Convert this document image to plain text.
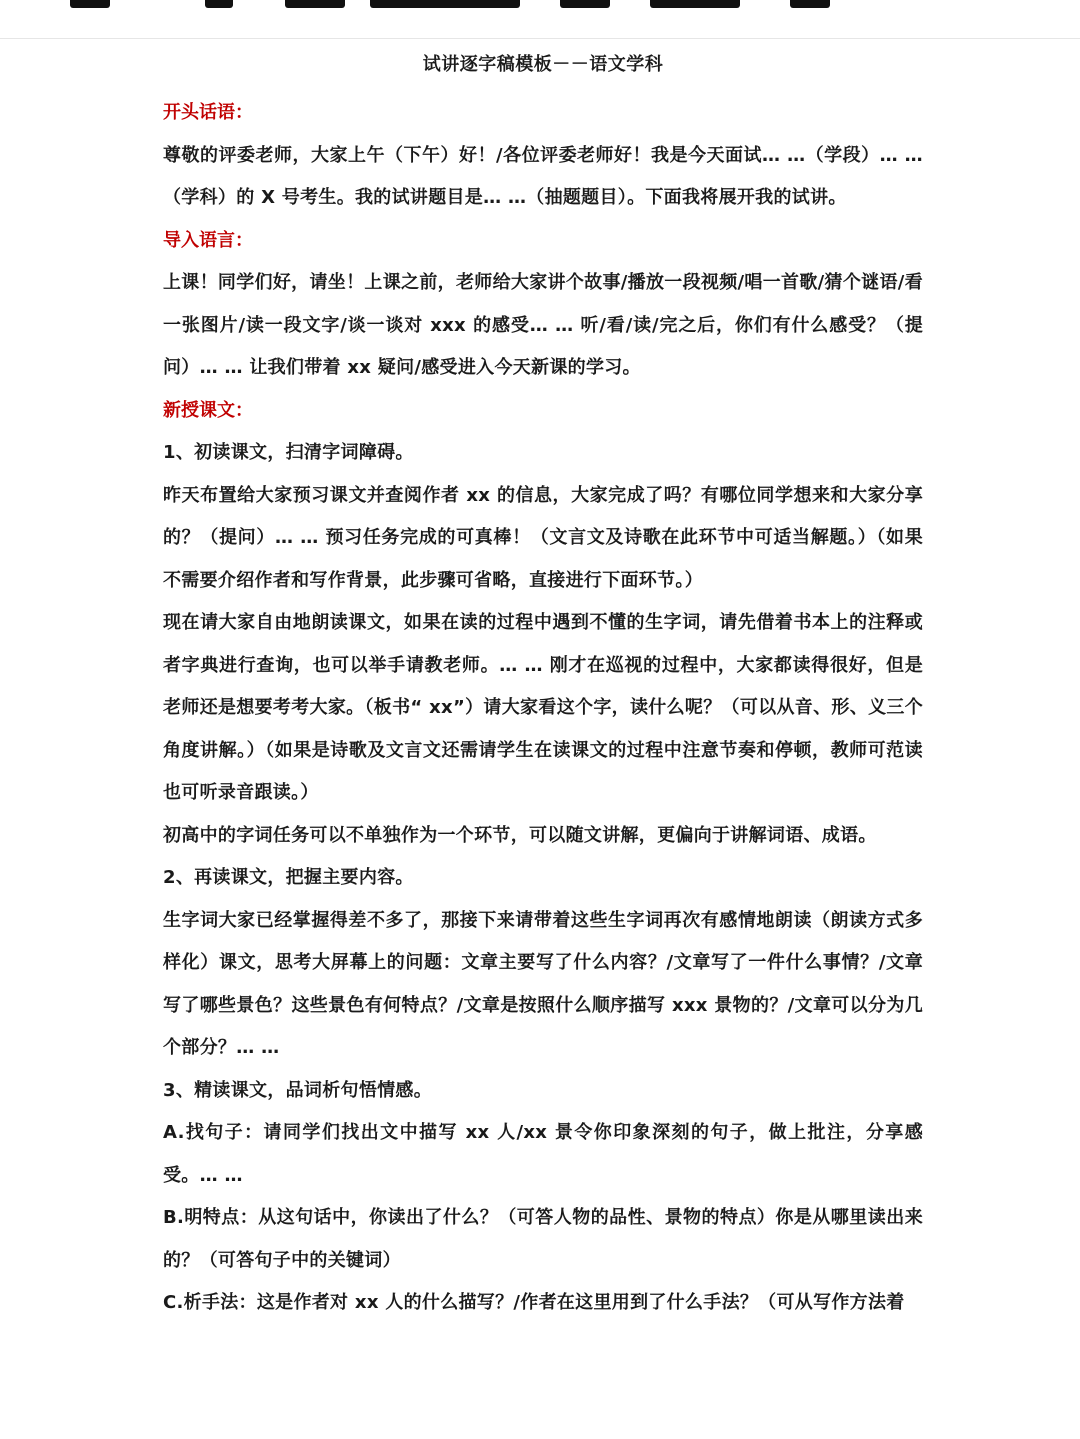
试讲逐字稿模板－－语文学科

开头话语：

尊敬的评委老师，大家上午（下午）好！/各位评委老师好！我是今天面试… …（学段）… …（学科）的 X 号考生。我的试讲题目是… …（抽题题目）。下面我将展开我的试讲。

导入语言：

上课！同学们好，请坐！上课之前，老师给大家讲个故事/播放一段视频/唱一首歌/猜个谜语/看一张图片/读一段文字/谈一谈对 xxx 的感受… … 听/看/读/完之后，你们有什么感受？（提问）… … 让我们带着 xx 疑问/感受进入今天新课的学习。

新授课文：

1、初读课文，扫清字词障碍。

昨天布置给大家预习课文并查阅作者 xx 的信息，大家完成了吗？有哪位同学想来和大家分享的？（提问）… … 预习任务完成的可真棒！（文言文及诗歌在此环节中可适当解题。）（如果不需要介绍作者和写作背景，此步骤可省略，直接进行下面环节。）

现在请大家自由地朗读课文，如果在读的过程中遇到不懂的生字词，请先借着书本上的注释或者字典进行查询，也可以举手请教老师。… … 刚才在巡视的过程中，大家都读得很好，但是老师还是想要考考大家。（板书“ xx”）请大家看这个字，读什么呢？（可以从音、形、义三个角度讲解。）（如果是诗歌及文言文还需请学生在读课文的过程中注意节奏和停顿，教师可范读也可听录音跟读。）

初高中的字词任务可以不单独作为一个环节，可以随文讲解，更偏向于讲解词语、成语。

2、再读课文，把握主要内容。

生字词大家已经掌握得差不多了，那接下来请带着这些生字词再次有感情地朗读（朗读方式多样化）课文，思考大屏幕上的问题：文章主要写了什么内容？/文章写了一件什么事情？/文章写了哪些景色？这些景色有何特点？/文章是按照什么顺序描写 xxx 景物的？/文章可以分为几个部分？… …

3、精读课文，品词析句悟情感。

A.找句子：请同学们找出文中描写 xx 人/xx 景令你印象深刻的句子，做上批注，分享感受。… …

B.明特点：从这句话中，你读出了什么？（可答人物的品性、景物的特点）你是从哪里读出来的？（可答句子中的关键词）

C.析手法：这是作者对 xx 人的什么描写？/作者在这里用到了什么手法？（可从写作方法着
